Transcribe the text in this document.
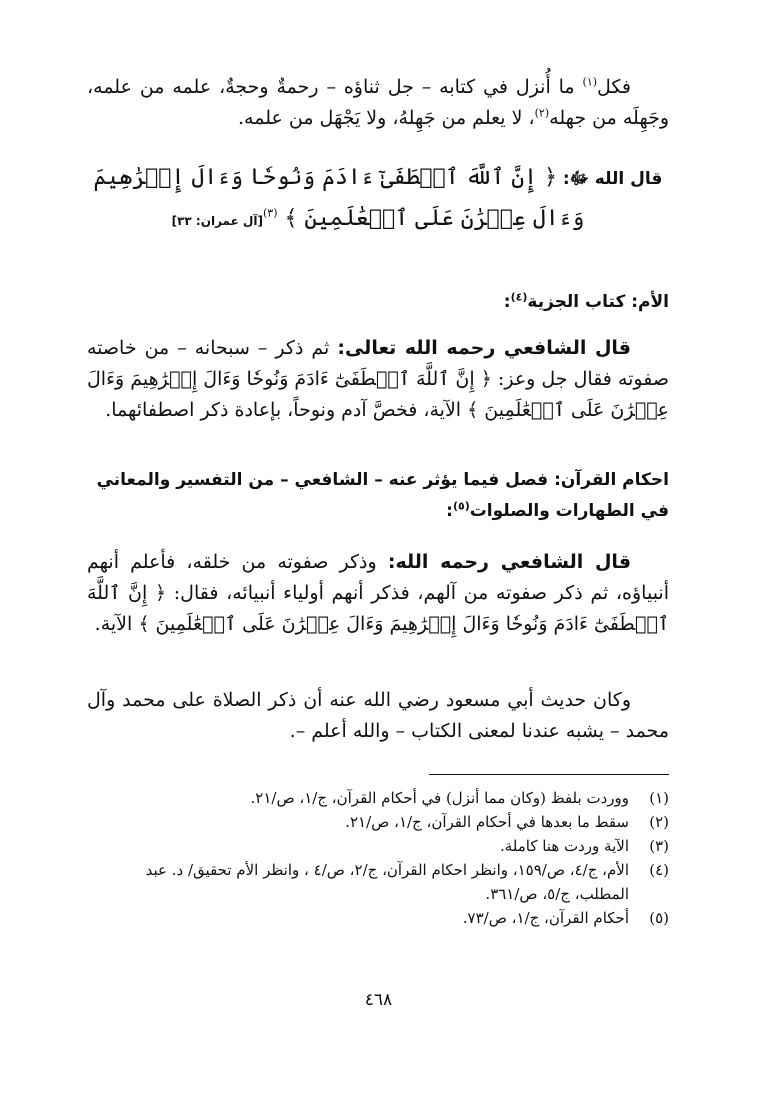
فكل$^{(١)}$ ما أُنزل في كتابه – جل ثناؤه – رحمةٌ وحجةٌ، علمه من علمه، وجَهِلَه من جهله$^{(٢)}$، لا يعلم من جَهِلهُ، ولا يَجْهَل من علمه.

قال الله ﷻ: ﴿ إِنَّ ٱللَّهَ ٱصۡطَفَىٰٓ ءَادَمَ وَنُوحٗا وَءَالَ إِبۡرَٰهِيمَ وَءَالَ عِمۡرَٰنَ عَلَى ٱلۡعَٰلَمِينَ ﴾ $^{(٣)}$[آل عمران: ٣٣]
الأم: كتاب الجزية$^{(٤)}$:

قال الشافعي رحمه الله تعالى: ثم ذكر – سبحانه – من خاصته صفوته فقال جل وعز: ﴿ إِنَّ ٱللَّهَ ٱصۡطَفَىٰٓ ءَادَمَ وَنُوحٗا وَءَالَ إِبۡرَٰهِيمَ وَءَالَ عِمۡرَٰنَ عَلَى ٱلۡعَٰلَمِينَ ﴾ الآية، فخصَّ آدم ونوحاً، بإعادة ذكر اصطفائهما.

احكام القرآن: فصل فيما يؤثر عنه – الشافعي – من التفسير والمعاني في الطهارات والصلوات$^{(٥)}$:

قال الشافعي رحمه الله: وذكر صفوته من خلقه، فأعلم أنهم أنبياؤه، ثم ذكر صفوته من آلهم، فذكر أنهم أولياء أنبيائه، فقال: ﴿ إِنَّ ٱللَّهَ ٱصۡطَفَىٰٓ ءَادَمَ وَنُوحٗا وَءَالَ إِبۡرَٰهِيمَ وَءَالَ عِمۡرَٰنَ عَلَى ٱلۡعَٰلَمِينَ ﴾ الآية.

وكان حديث أبي مسعود رضي الله عنه أن ذكر الصلاة على محمد وآل محمد – يشبه عندنا لمعنى الكتاب – والله أعلم –.

(١)
ووردت بلفظ (وكان مما أنزل) في أحكام القرآن، ج/١، ص/٢١.
(٢)
سقط ما بعدها في أحكام القرآن، ج/١، ص/٢١.
(٣)
الآية وردت هنا كاملة.
(٤)
الأم، ج/٤، ص/١٥٩، وانظر احكام القرآن، ج/٢، ص/٤ ، وانظر الأم تحقيق/ د. عبد المطلب، ج/٥، ص/٣٦١.
(٥)
أحكام القرآن، ج/١، ص/٧٣.
٤٦٨
